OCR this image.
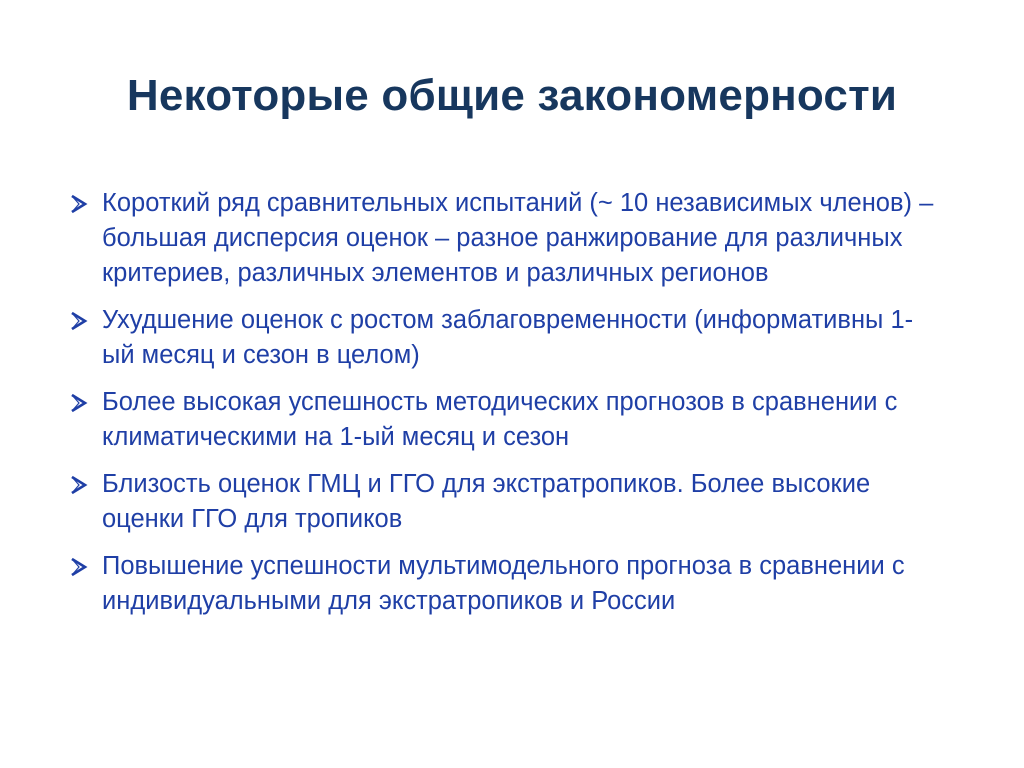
Некоторые общие закономерности
Короткий ряд сравнительных испытаний (~ 10 независимых членов) – большая дисперсия оценок – разное ранжирование для различных критериев, различных элементов и различных регионов
Ухудшение оценок с ростом заблаговременности (информативны 1-ый месяц и сезон в целом)
Более высокая успешность методических прогнозов в сравнении с климатическими на 1-ый месяц и сезон
Близость оценок ГМЦ и ГГО для экстратропиков. Более высокие оценки ГГО для тропиков
Повышение успешности мультимодельного прогноза в сравнении с индивидуальными для экстратропиков и России
